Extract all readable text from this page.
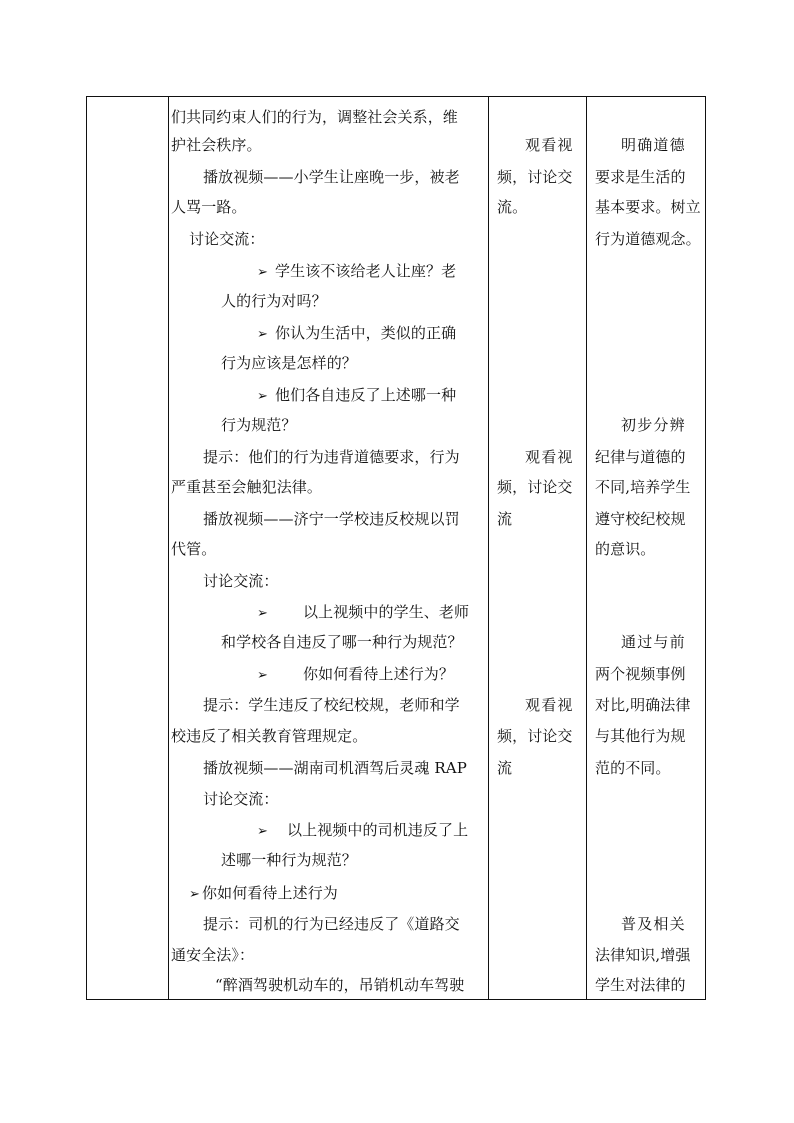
们共同约束人们的行为，调整社会关系，维
护社会秩序。
播放视频——小学生让座晚一步，被老
人骂一路。
讨论交流：
➢ 学生该不该给老人让座？老
人的行为对吗？
➢ 你认为生活中，类似的正确
行为应该是怎样的？
➢ 他们各自违反了上述哪一种
行为规范？
提示：他们的行为违背道德要求，行为
严重甚至会触犯法律。
播放视频——济宁一学校违反校规以罚
代管。
讨论交流：
➢ 以上视频中的学生、老师
和学校各自违反了哪一种行为规范？
➢ 你如何看待上述行为？
提示：学生违反了校纪校规，老师和学
校违反了相关教育管理规定。
播放视频——湖南司机酒驾后灵魂 RAP
讨论交流：
➢ 以上视频中的司机违反了上
述哪一种行为规范？
➢ 你如何看待上述行为
提示：司机的行为已经违反了《道路交
通安全法》：
“醉酒驾驶机动车的，吊销机动车驾驶
观看视
频，讨论交
流。
观看视
频，讨论交
流
观看视
频，讨论交
流
明确道德
要求是生活的
基本要求。树立
行为道德观念。
初步分辨
纪律与道德的
不同,培养学生
遵守校纪校规
的意识。
通过与前
两个视频事例
对比,明确法律
与其他行为规
范的不同。
普及相关
法律知识,增强
学生对法律的
